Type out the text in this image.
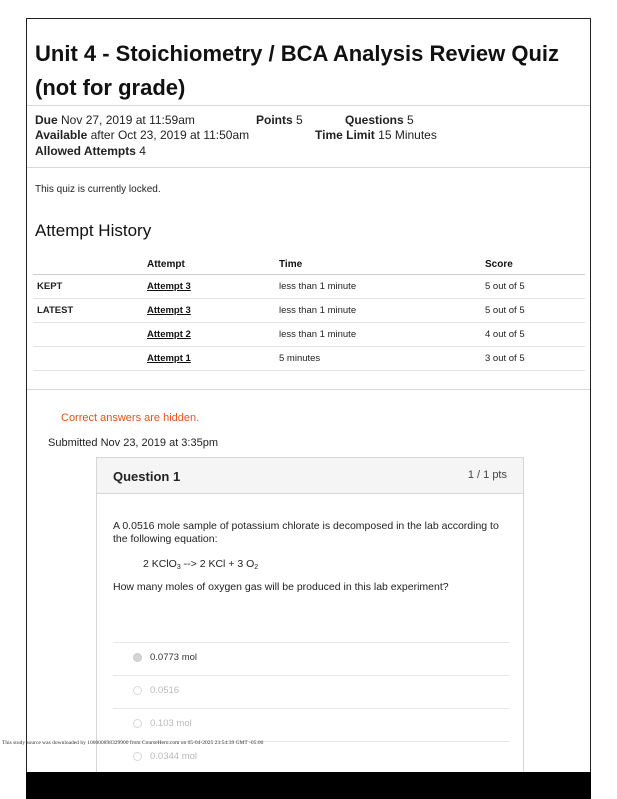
Unit 4 - Stoichiometry / BCA Analysis Review Quiz
(not for grade)
Due Nov 27, 2019 at 11:59am	Points 5	Questions 5
Available after Oct 23, 2019 at 11:50am	Time Limit 15 Minutes
Allowed Attempts 4
This quiz is currently locked.
Attempt History
	Attempt	Time	Score
KEPT	Attempt 3	less than 1 minute	5 out of 5
LATEST	Attempt 3	less than 1 minute	5 out of 5
	Attempt 2	less than 1 minute	4 out of 5
	Attempt 1	5 minutes	3 out of 5
Correct answers are hidden.
Submitted Nov 23, 2019 at 3:35pm
Question 1	1 / 1 pts
A 0.0516 mole sample of potassium chlorate is decomposed in the lab according to the following equation:
2 KClO$_3$ --> 2 KCl + 3 $O_2$
How many moles of oxygen gas will be produced in this lab experiment?
0.0773 mol
0.0516
0.103 mol
0.0344 mol
This study source was downloaded by 100000898329900 from CourseHero.com on 05-04-2025 23:54:39 GMT -05:00
